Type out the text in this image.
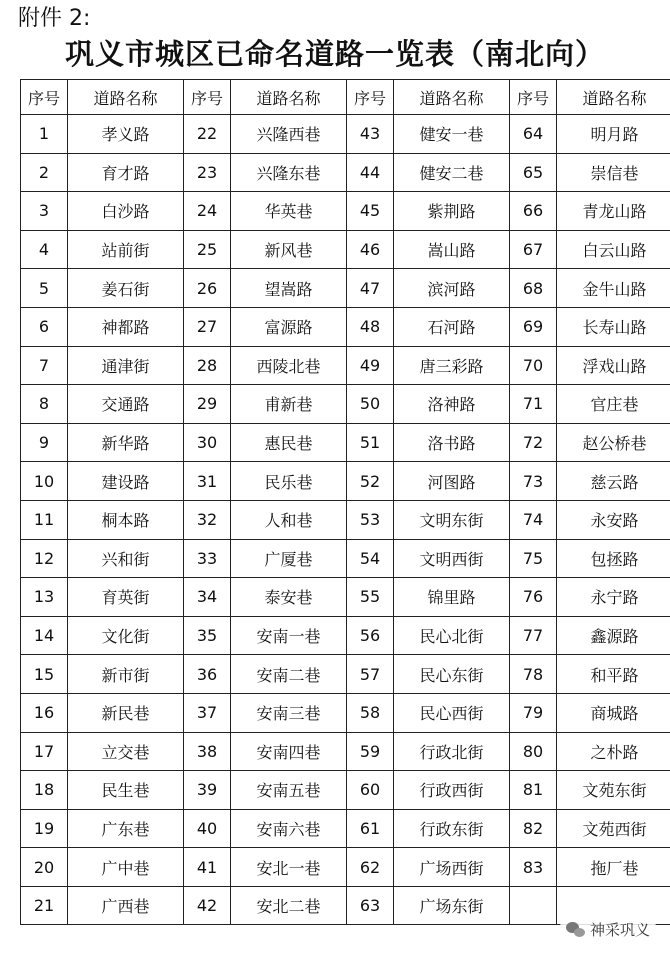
附件 2:
巩义市城区已命名道路一览表（南北向）
序号	道路名称	序号	道路名称	序号	道路名称	序号	道路名称
1	孝义路	22	兴隆西巷	43	健安一巷	64	明月路
2	育才路	23	兴隆东巷	44	健安二巷	65	崇信巷
3	白沙路	24	华英巷	45	紫荆路	66	青龙山路
4	站前街	25	新风巷	46	嵩山路	67	白云山路
5	姜石街	26	望嵩路	47	滨河路	68	金牛山路
6	神都路	27	富源路	48	石河路	69	长寿山路
7	通津街	28	西陵北巷	49	唐三彩路	70	浮戏山路
8	交通路	29	甫新巷	50	洛神路	71	官庄巷
9	新华路	30	惠民巷	51	洛书路	72	赵公桥巷
10	建设路	31	民乐巷	52	河图路	73	慈云路
11	桐本路	32	人和巷	53	文明东街	74	永安路
12	兴和街	33	广厦巷	54	文明西街	75	包拯路
13	育英街	34	泰安巷	55	锦里路	76	永宁路
14	文化街	35	安南一巷	56	民心北街	77	鑫源路
15	新市街	36	安南二巷	57	民心东街	78	和平路
16	新民巷	37	安南三巷	58	民心西街	79	商城路
17	立交巷	38	安南四巷	59	行政北街	80	之朴路
18	民生巷	39	安南五巷	60	行政西街	81	文苑东街
19	广东巷	40	安南六巷	61	行政东街	82	文苑西街
20	广中巷	41	安北一巷	62	广场西街	83	拖厂巷
21	广西巷	42	安北二巷	63	广场东街		
神采巩义
